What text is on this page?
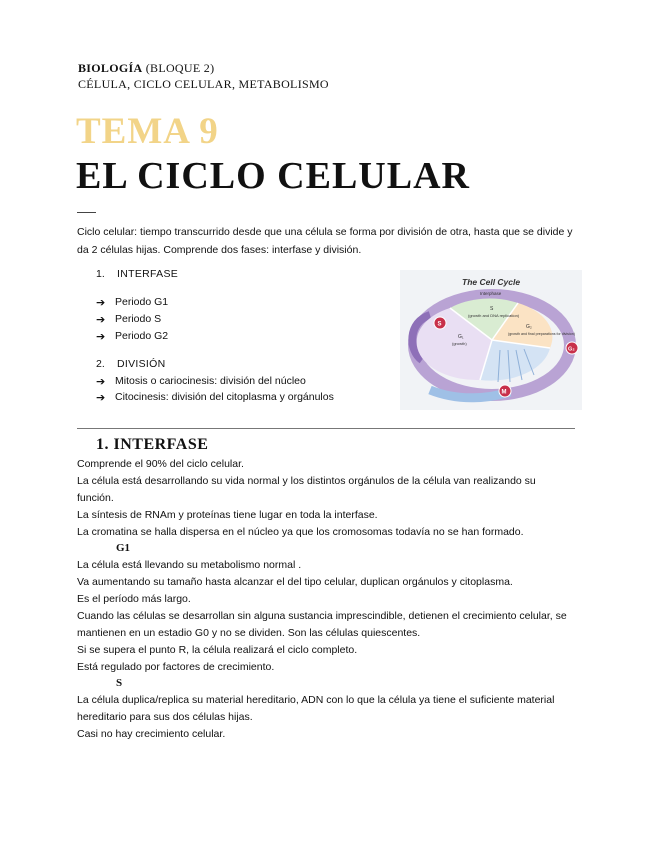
BIOLOGÍA (BLOQUE 2)
CÉLULA, CICLO CELULAR, METABOLISMO
TEMA 9
EL CICLO CELULAR
Ciclo celular: tiempo transcurrido desde que una célula se forma por división de otra, hasta que se divide y da 2 células hijas. Comprende dos fases: interfase y división.
1. INTERFASE
➔ Periodo G1
➔ Periodo S
➔ Periodo G2
2. DIVISIÓN
➔ Mitosis o cariocinesis: división del núcleo
➔ Citocinesis: división del citoplasma y orgánulos
The Cell Cycle
Interphase
S
(growth and DNA replication)
G₂
(growth and final preparations for division)
G₁
(growth)
S
G₂
M
1. INTERFASE
Comprende el 90% del ciclo celular.
La célula está desarrollando su vida normal y los distintos orgánulos de la célula van realizando su
función.
La síntesis de RNAm y proteínas tiene lugar en toda la interfase.
La cromatina se halla dispersa en el núcleo ya que los cromosomas todavía no se han formado.
G1
La célula está llevando su metabolismo normal .
Va aumentando su tamaño hasta alcanzar el del tipo celular, duplican orgánulos y citoplasma.
Es el período más largo.
Cuando las células se desarrollan sin alguna sustancia imprescindible, detienen el crecimiento celular, se
mantienen en un estadio G0 y no se dividen. Son las células quiescentes.
Si se supera el punto R, la célula realizará el ciclo completo.
Está regulado por factores de crecimiento.
S
La célula duplica/replica su material hereditario, ADN con lo que la célula ya tiene el suficiente material
hereditario para sus dos células hijas.
Casi no hay crecimiento celular.
